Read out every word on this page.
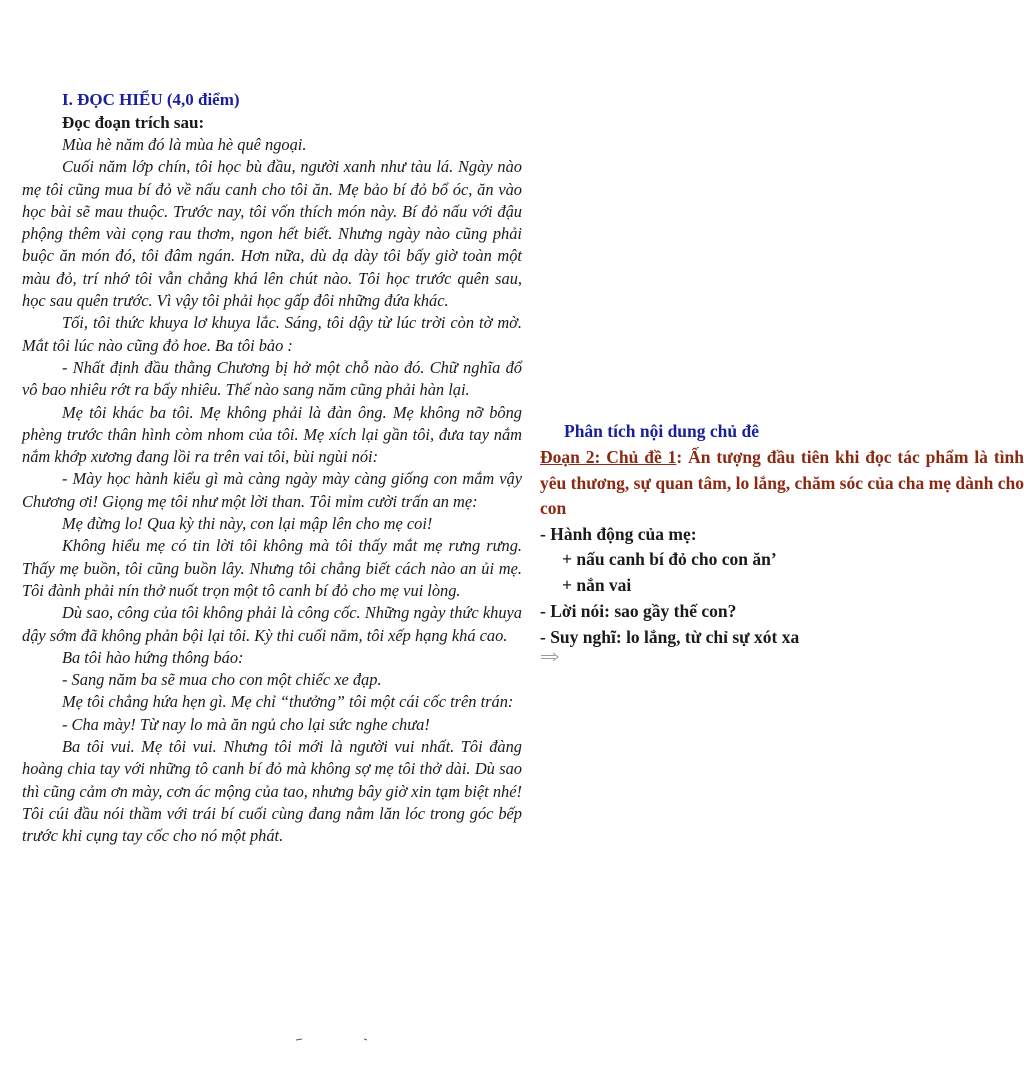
I. ĐỌC HIỂU (4,0 điểm)
Đọc đoạn trích sau:

Mùa hè năm đó là mùa hè quê ngoại.

Cuối năm lớp chín, tôi học bù đầu, người xanh như tàu lá. Ngày nào mẹ tôi cũng mua bí đỏ về nấu canh cho tôi ăn. Mẹ bảo bí đỏ bổ óc, ăn vào học bài sẽ mau thuộc. Trước nay, tôi vốn thích món này. Bí đỏ nấu với đậu phộng thêm vài cọng rau thơm, ngon hết biết. Nhưng ngày nào cũng phải buộc ăn món đó, tôi đâm ngán. Hơn nữa, dù dạ dày tôi bấy giờ toàn một màu đỏ, trí nhớ tôi vẫn chẳng khá lên chút nào. Tôi học trước quên sau, học sau quên trước. Vì vậy tôi phải học gấp đôi những đứa khác.

Tối, tôi thức khuya lơ khuya lắc. Sáng, tôi dậy từ lúc trời còn tờ mờ. Mắt tôi lúc nào cũng đỏ hoe. Ba tôi bảo :

- Nhất định đầu thằng Chương bị hở một chỗ nào đó. Chữ nghĩa đổ vô bao nhiêu rớt ra bấy nhiêu. Thế nào sang năm cũng phải hàn lại.

Mẹ tôi khác ba tôi. Mẹ không phải là đàn ông. Mẹ không nỡ bông phèng trước thân hình còm nhom của tôi. Mẹ xích lại gần tôi, đưa tay nắm nắm khớp xương đang lồi ra trên vai tôi, bùi ngùi nói:

- Mày học hành kiểu gì mà càng ngày mày càng giống con mắm vậy Chương ơi! Giọng mẹ tôi như một lời than. Tôi mỉm cười trấn an mẹ:

Mẹ đừng lo! Qua kỳ thi này, con lại mập lên cho mẹ coi!

Không hiểu mẹ có tin lời tôi không mà tôi thấy mắt mẹ rưng rưng. Thấy mẹ buồn, tôi cũng buồn lây. Nhưng tôi chẳng biết cách nào an ủi mẹ. Tôi đành phải nín thở nuốt trọn một tô canh bí đỏ cho mẹ vui lòng.

Dù sao, công của tôi không phải là công cốc. Những ngày thức khuya dậy sớm đã không phản bội lại tôi. Kỳ thi cuối năm, tôi xếp hạng khá cao.

Ba tôi hào hứng thông báo:

- Sang năm ba sẽ mua cho con một chiếc xe đạp.

Mẹ tôi chẳng hứa hẹn gì. Mẹ chỉ “thưởng” tôi một cái cốc trên trán:

- Cha mày! Từ nay lo mà ăn ngủ cho lại sức nghe chưa!

Ba tôi vui. Mẹ tôi vui. Nhưng tôi mới là người vui nhất. Tôi đàng hoàng chia tay với những tô canh bí đỏ mà không sợ mẹ tôi thở dài. Dù sao thì cũng cảm ơn mày, cơn ác mộng của tao, nhưng bây giờ xin tạm biệt nhé! Tôi cúi đầu nói thầm với trái bí cuối cùng đang nằm lăn lóc trong góc bếp trước khi cụng tay cốc cho nó một phát.

Phân tích nội dung chủ đê
Đoạn 2: Chủ đề 1: Ấn tượng đầu tiên khi đọc tác phẩm là tình yêu thương, sự quan tâm, lo lắng, chăm sóc của cha mẹ dành cho con
- Hành động của mẹ:
+ nấu canh bí đỏ cho con ăn’
+ nắn vai
- Lời nói: sao gầy thế con?
- Suy nghĩ: lo lắng, từ chỉ sự xót xa
